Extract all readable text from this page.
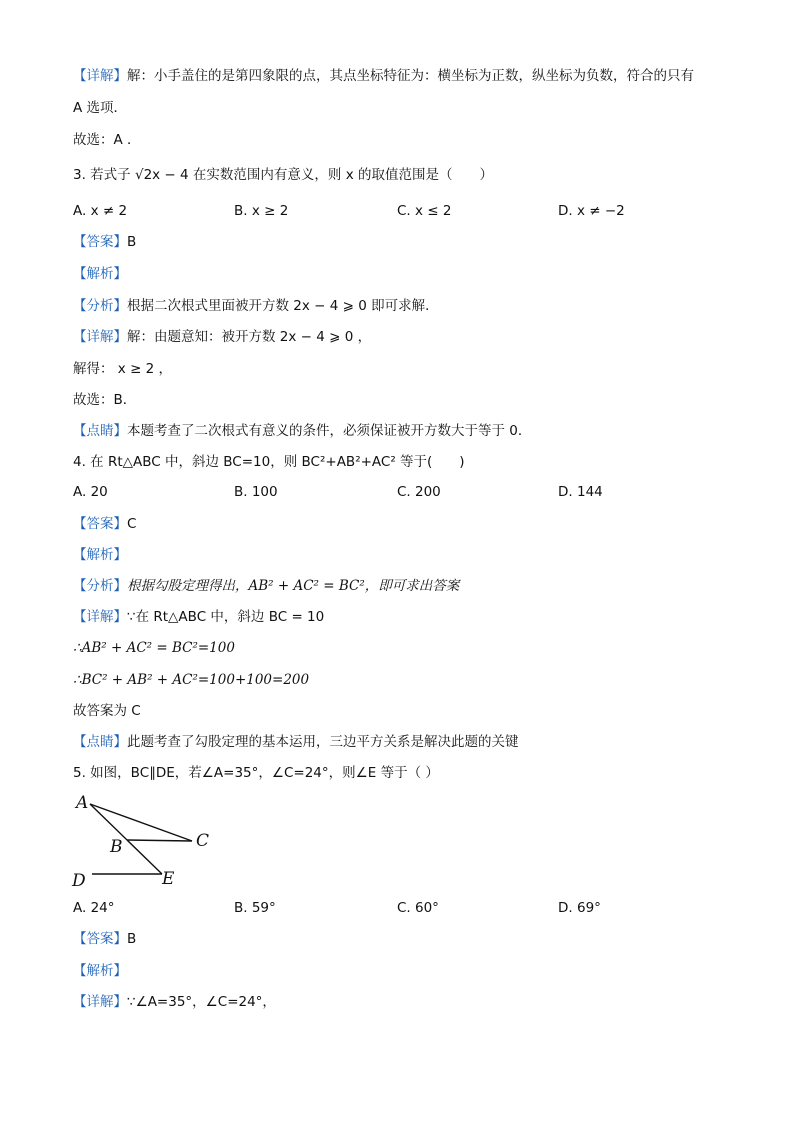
【详解】解：小手盖住的是第四象限的点，其点坐标特征为：横坐标为正数，纵坐标为负数，符合的只有
A 选项．
故选：A ．
3. 若式子 √2x − 4 在实数范围内有意义，则 x 的取值范围是（　　）
A. x ≠ 2	B. x ≥ 2	C. x ≤ 2	D. x ≠ −2
【答案】B
【解析】
【分析】根据二次根式里面被开方数 2x − 4 ⩾ 0 即可求解．
【详解】解：由题意知：被开方数 2x − 4 ⩾ 0 ，
解得： x ≥ 2 ，
故选：B．
【点睛】本题考查了二次根式有意义的条件，必须保证被开方数大于等于 0．
4. 在 Rt△ABC 中，斜边 BC=10，则 BC²+AB²+AC² 等于(　　)
A. 20	B. 100	C. 200	D. 144
【答案】C
【解析】
【分析】根据勾股定理得出，AB² + AC² = BC²，即可求出答案
【详解】∵在 Rt△ABC 中，斜边 BC = 10
∴AB² + AC² = BC²=100
∴BC² + AB² + AC²=100+100=200
故答案为 C
【点睛】此题考查了勾股定理的基本运用，三边平方关系是解决此题的关键
5. 如图，BC∥DE，若∠A=35°，∠C=24°，则∠E 等于（ ）
A
B	C
D	E
A. 24°	B. 59°	C. 60°	D. 69°
【答案】B
【解析】
【详解】∵∠A=35°，∠C=24°，
